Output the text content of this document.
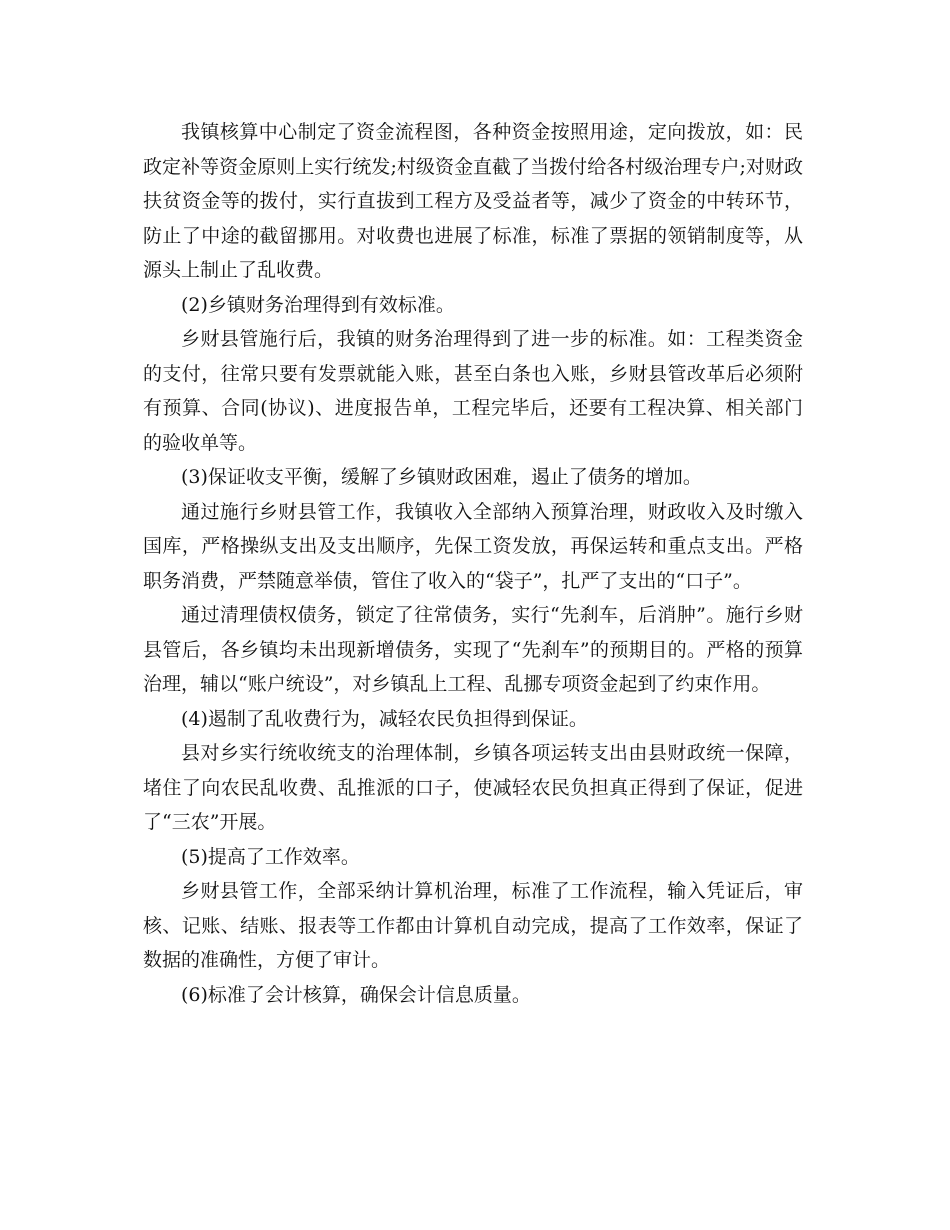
我镇核算中心制定了资金流程图，各种资金按照用途，定向拨放，如：民政定补等资金原则上实行统发;村级资金直截了当拨付给各村级治理专户;对财政扶贫资金等的拨付，实行直拔到工程方及受益者等，减少了资金的中转环节，防止了中途的截留挪用。对收费也进展了标准，标准了票据的领销制度等，从源头上制止了乱收费。

(2)乡镇财务治理得到有效标准。

乡财县管施行后，我镇的财务治理得到了进一步的标准。如：工程类资金的支付，往常只要有发票就能入账，甚至白条也入账，乡财县管改革后必须附有预算、合同(协议)、进度报告单，工程完毕后，还要有工程决算、相关部门的验收单等。

(3)保证收支平衡，缓解了乡镇财政困难，遏止了债务的增加。

通过施行乡财县管工作，我镇收入全部纳入预算治理，财政收入及时缴入国库，严格操纵支出及支出顺序，先保工资发放，再保运转和重点支出。严格职务消费，严禁随意举债，管住了收入的“袋子”，扎严了支出的“口子”。

通过清理债权债务，锁定了往常债务，实行“先刹车，后消肿”。施行乡财县管后，各乡镇均未出现新增债务，实现了“先刹车”的预期目的。严格的预算治理，辅以“账户统设”，对乡镇乱上工程、乱挪专项资金起到了约束作用。

(4)遏制了乱收费行为，减轻农民负担得到保证。

县对乡实行统收统支的治理体制，乡镇各项运转支出由县财政统一保障，堵住了向农民乱收费、乱推派的口子，使减轻农民负担真正得到了保证，促进了“三农”开展。

(5)提高了工作效率。

乡财县管工作，全部采纳计算机治理，标准了工作流程，输入凭证后，审核、记账、结账、报表等工作都由计算机自动完成，提高了工作效率，保证了数据的准确性，方便了审计。

(6)标准了会计核算，确保会计信息质量。
